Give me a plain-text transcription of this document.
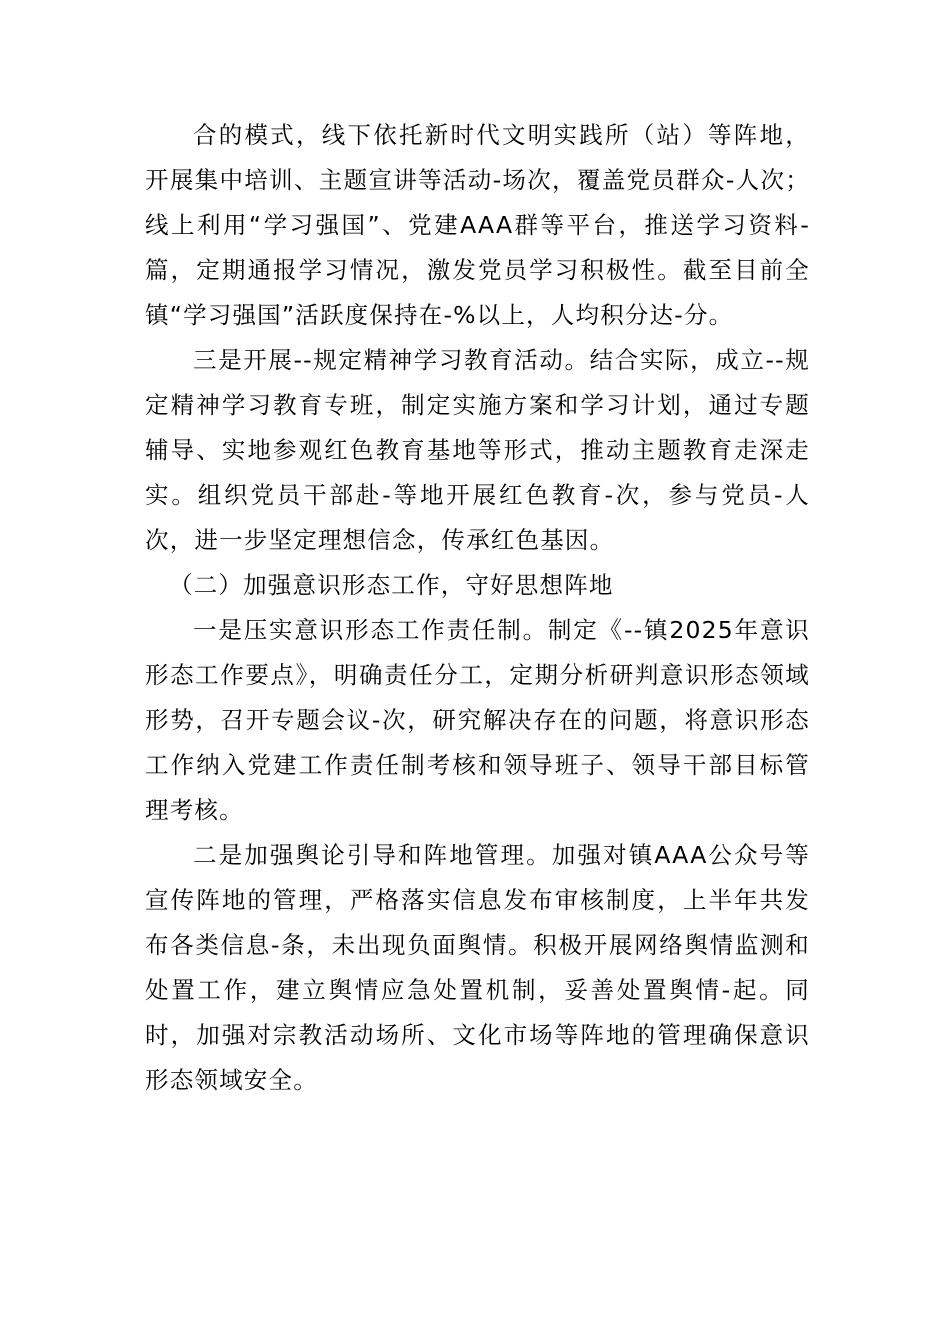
合的模式，线下依托新时代文明实践所（站）等阵地，开展集中培训、主题宣讲等活动-场次，覆盖党员群众-人次；线上利用“学习强国”、党建AAA群等平台，推送学习资料-篇，定期通报学习情况，激发党员学习积极性。截至目前全镇“学习强国”活跃度保持在-%以上，人均积分达-分。

三是开展--规定精神学习教育活动。结合实际，成立--规定精神学习教育专班，制定实施方案和学习计划，通过专题辅导、实地参观红色教育基地等形式，推动主题教育走深走实。组织党员干部赴-等地开展红色教育-次，参与党员-人次，进一步坚定理想信念，传承红色基因。

（二）加强意识形态工作，守好思想阵地

一是压实意识形态工作责任制。制定《--镇2025年意识形态工作要点》，明确责任分工，定期分析研判意识形态领域形势，召开专题会议-次，研究解决存在的问题，将意识形态工作纳入党建工作责任制考核和领导班子、领导干部目标管理考核。

二是加强舆论引导和阵地管理。加强对镇AAA公众号等宣传阵地的管理，严格落实信息发布审核制度，上半年共发布各类信息-条，未出现负面舆情。积极开展网络舆情监测和处置工作，建立舆情应急处置机制，妥善处置舆情-起。同时，加强对宗教活动场所、文化市场等阵地的管理确保意识形态领域安全。
